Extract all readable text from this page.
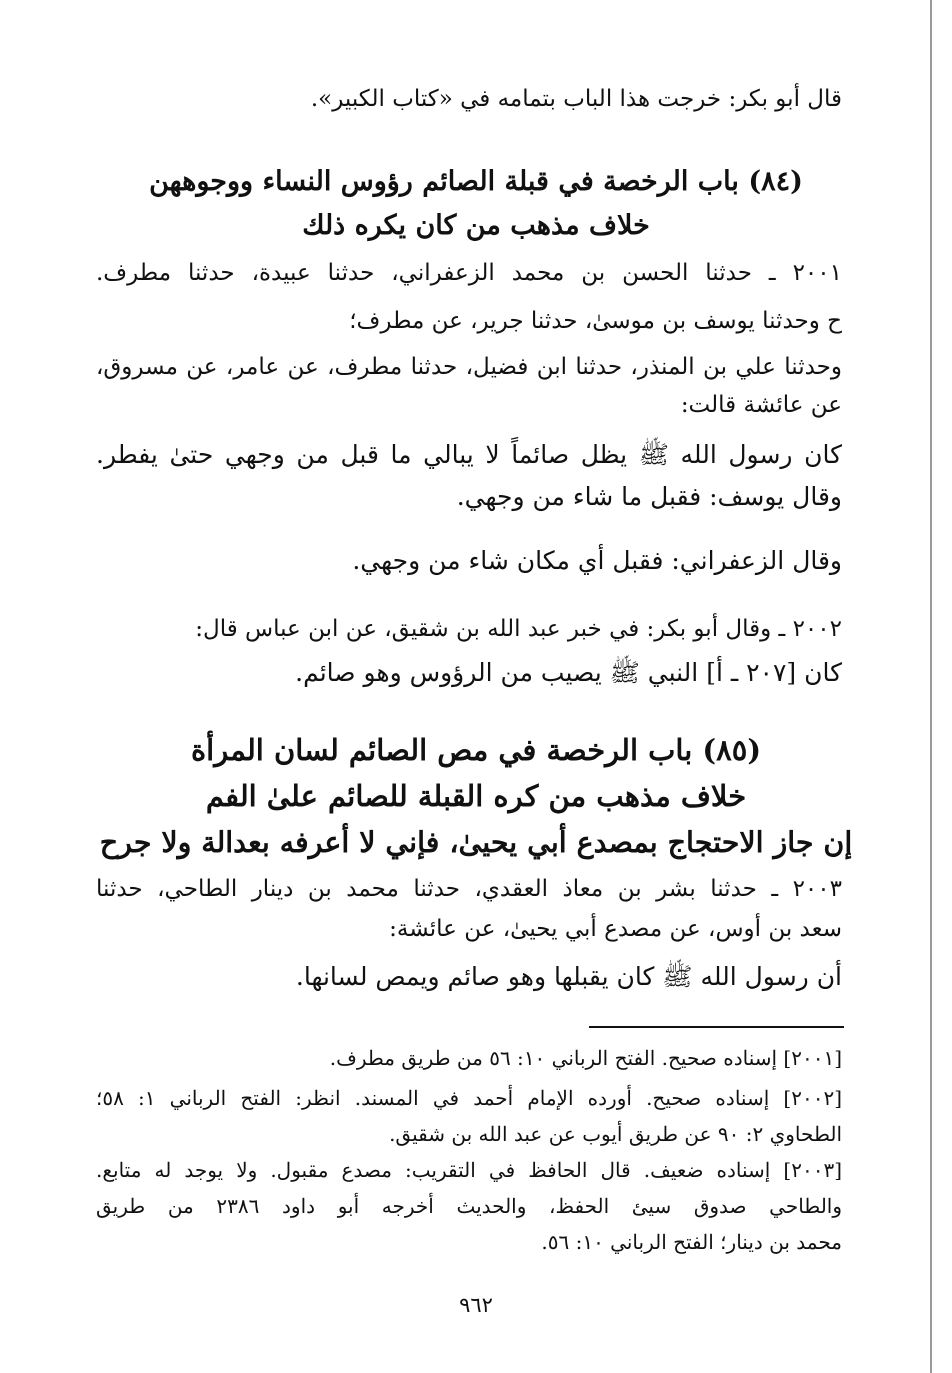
قال أبو بكر: خرجت هذا الباب بتمامه في «كتاب الكبير».
(٨٤) باب الرخصة في قبلة الصائم رؤوس النساء ووجوههن
خلاف مذهب من كان يكره ذلك
٢٠٠١ ـ حدثنا الحسن بن محمد الزعفراني، حدثنا عبيدة، حدثنا مطرف.
ح وحدثنا يوسف بن موسىٰ، حدثنا جرير، عن مطرف؛
وحدثنا علي بن المنذر، حدثنا ابن فضيل، حدثنا مطرف، عن عامر، عن مسروق،
عن عائشة قالت:
كان رسول الله ﷺ يظل صائماً لا يبالي ما قبل من وجهي حتىٰ يفطر.
وقال يوسف: فقبل ما شاء من وجهي.
وقال الزعفراني: فقبل أي مكان شاء من وجهي.
٢٠٠٢ ـ وقال أبو بكر: في خبر عبد الله بن شقيق، عن ابن عباس قال:
كان [٢٠٧ ـ أ] النبي ﷺ يصيب من الرؤوس وهو صائم.
(٨٥) باب الرخصة في مص الصائم لسان المرأة
خلاف مذهب من كره القبلة للصائم علىٰ الفم
إن جاز الاحتجاج بمصدع أبي يحيىٰ، فإني لا أعرفه بعدالة ولا جرح
٢٠٠٣ ـ حدثنا بشر بن معاذ العقدي، حدثنا محمد بن دينار الطاحي، حدثنا
سعد بن أوس، عن مصدع أبي يحيىٰ، عن عائشة:
أن رسول الله ﷺ كان يقبلها وهو صائم ويمص لسانها.
[٢٠٠١] إسناده صحيح. الفتح الرباني ١٠: ٥٦ من طريق مطرف.
[٢٠٠٢] إسناده صحيح. أورده الإمام أحمد في المسند. انظر: الفتح الرباني ١: ٥٨؛
الطحاوي ٢: ٩٠ عن طريق أيوب عن عبد الله بن شقيق.
[٢٠٠٣] إسناده ضعيف. قال الحافظ في التقريب: مصدع مقبول. ولا يوجد له متابع.
والطاحي صدوق سيئ الحفظ، والحديث أخرجه أبو داود ٢٣٨٦ من طريق
محمد بن دينار؛ الفتح الرباني ١٠: ٥٦.
٩٦٢
